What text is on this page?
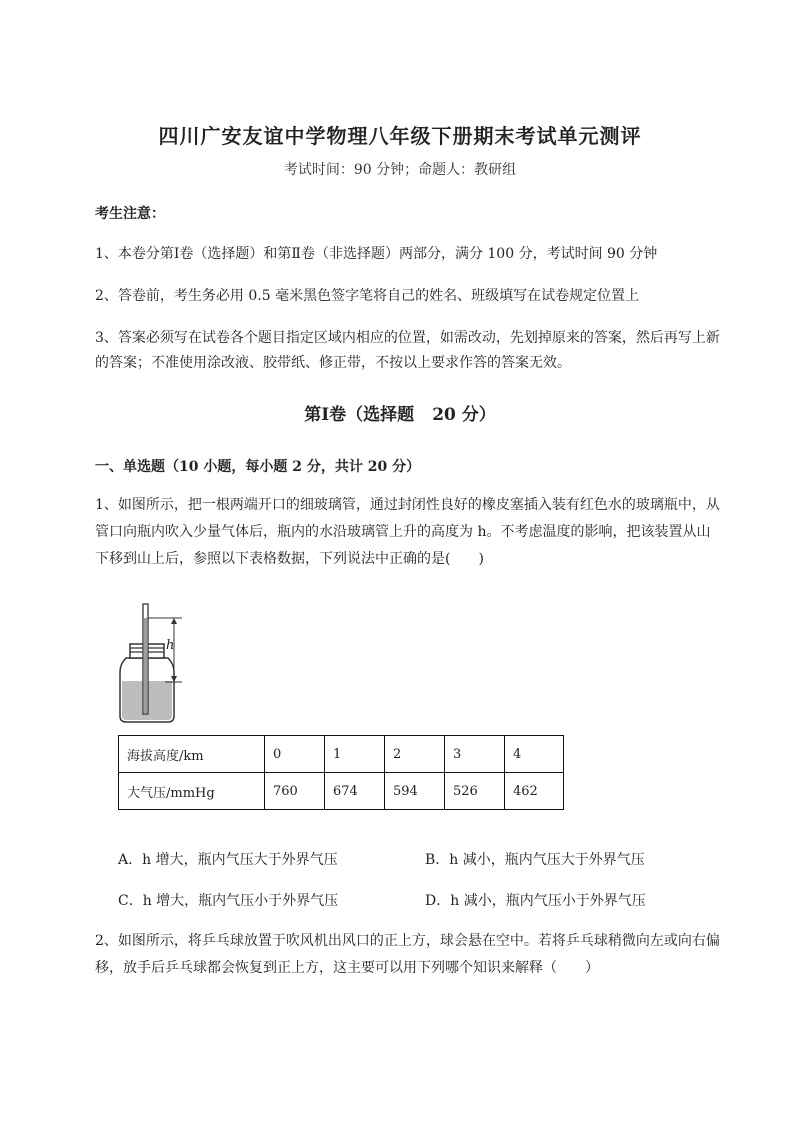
四川广安友谊中学物理八年级下册期末考试单元测评
考试时间：90 分钟；命题人：教研组
考生注意：
1、本卷分第Ⅰ卷（选择题）和第Ⅱ卷（非选择题）两部分，满分 100 分，考试时间 90 分钟
2、答卷前，考生务必用 0.5 毫米黑色签字笔将自己的姓名、班级填写在试卷规定位置上
3、答案必须写在试卷各个题目指定区域内相应的位置，如需改动，先划掉原来的答案，然后再写上新
的答案；不准使用涂改液、胶带纸、修正带，不按以上要求作答的答案无效。
第Ⅰ卷（选择题 20 分）
一、单选题（10 小题，每小题 2 分，共计 20 分）
1、如图所示，把一根两端开口的细玻璃管，通过封闭性良好的橡皮塞插入装有红色水的玻璃瓶中，从
管口向瓶内吹入少量气体后，瓶内的水沿玻璃管上升的高度为 h。不考虑温度的影响，把该装置从山
下移到山上后，参照以下表格数据，下列说法中正确的是(　　)
h
海拔高度/km	0	1	2	3	4
大气压/mmHg	760	674	594	526	462
A．h 增大，瓶内气压大于外界气压	B．h 减小，瓶内气压大于外界气压
C．h 增大，瓶内气压小于外界气压	D．h 减小，瓶内气压小于外界气压
2、如图所示，将乒乓球放置于吹风机出风口的正上方，球会悬在空中。若将乒乓球稍微向左或向右偏
移，放手后乒乓球都会恢复到正上方，这主要可以用下列哪个知识来解释（　　）
